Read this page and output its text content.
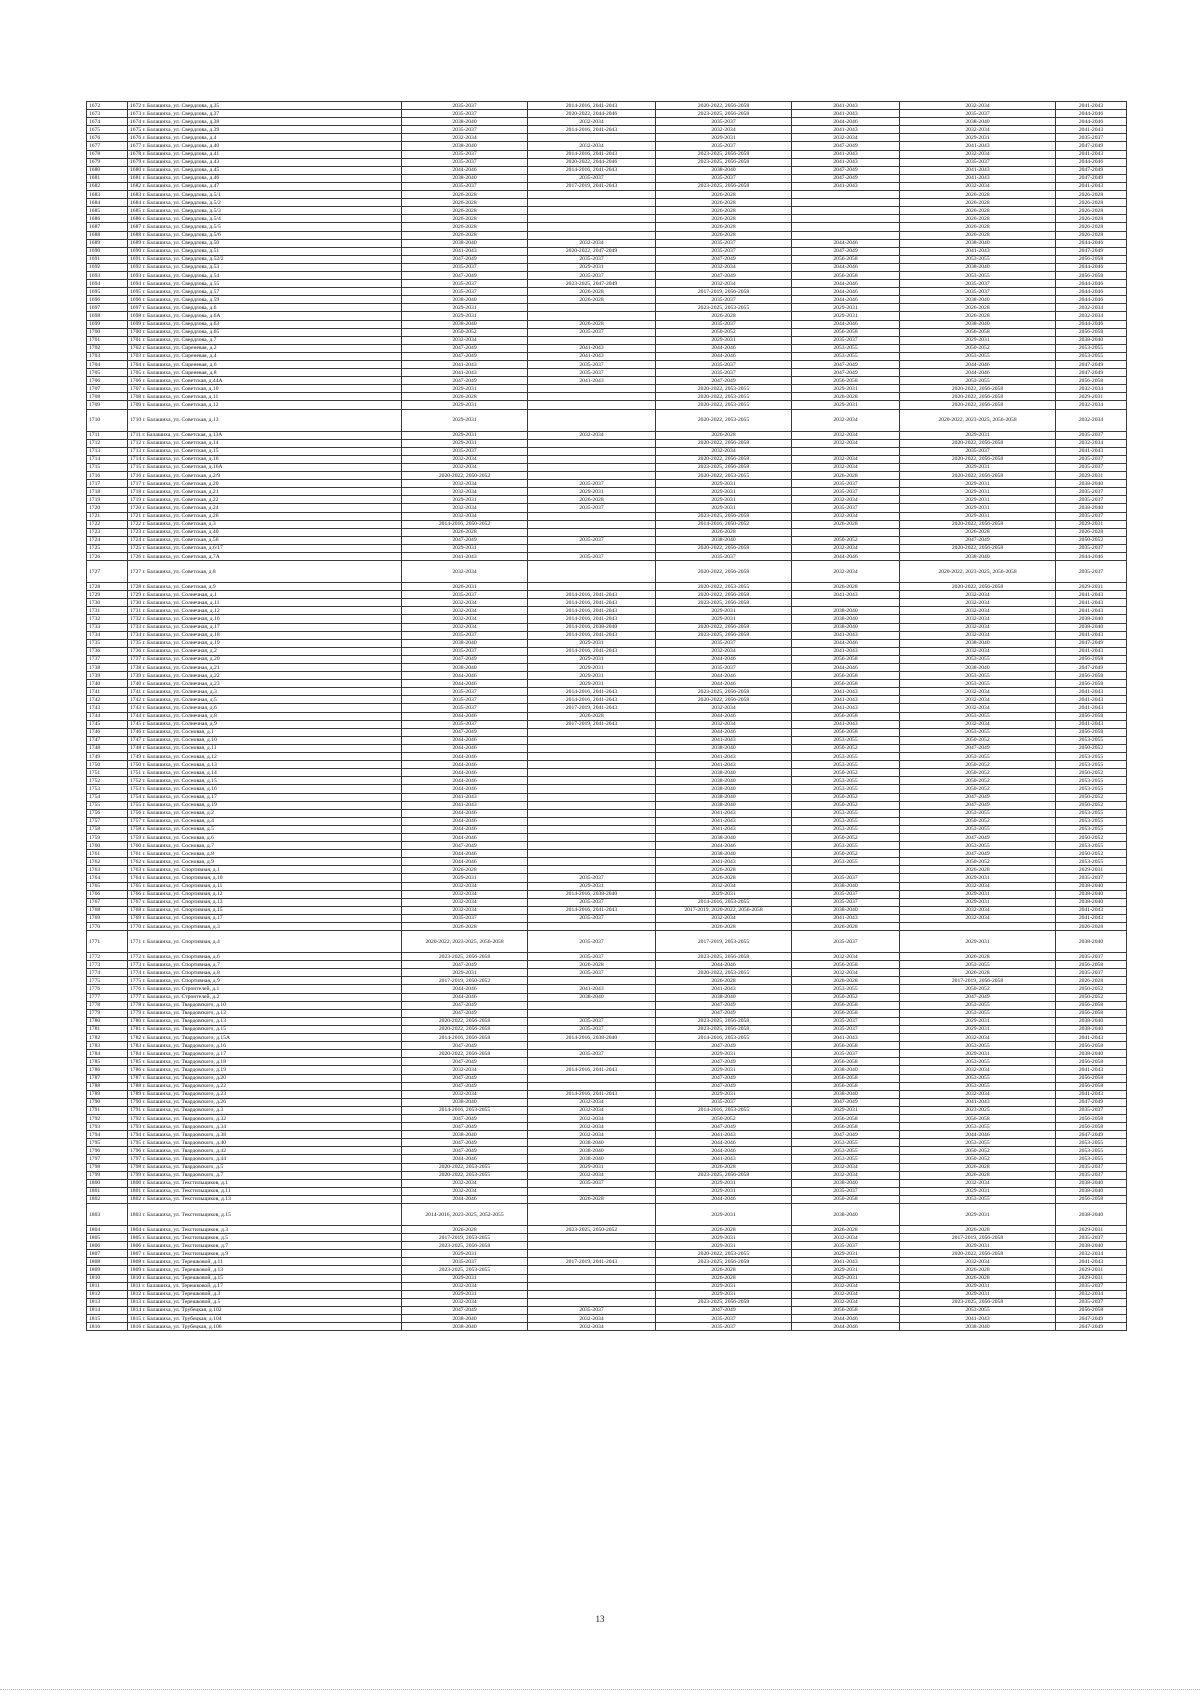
1672	1672 г. Балашиха, ул. Свердлова, д.35	2035-2037	2014-2016, 2041-2043	2020-2022, 2056-2058	2041-2043	2032-2034	2041-2043
1673	1673 г. Балашиха, ул. Свердлова, д.37	2035-2037	2020-2022, 2044-2046	2023-2025, 2056-2058	2041-2043	2035-2037	2044-2046
1674	1674 г. Балашиха, ул. Свердлова, д.38	2038-2040	2032-2034	2035-2037	2044-2046	2038-2040	2044-2046
1675	1675 г. Балашиха, ул. Свердлова, д.39	2035-2037	2014-2016, 2041-2043	2032-2034	2041-2043	2032-2034	2041-2043
1676	1676 г. Балашиха, ул. Свердлова, д.4	2032-2034		2029-2031	2032-2034	2029-2031	2035-2037
1677	1677 г. Балашиха, ул. Свердлова, д.40	2038-2040	2032-2034	2035-2037	2047-2049	2041-2043	2047-2049
1678	1678 г. Балашиха, ул. Свердлова, д.41	2035-2037	2014-2016, 2041-2043	2023-2025, 2056-2058	2041-2043	2032-2034	2041-2043
1679	1679 г. Балашиха, ул. Свердлова, д.43	2035-2037	2020-2022, 2044-2046	2023-2025, 2056-2058	2041-2043	2035-2037	2044-2046
1680	1680 г. Балашиха, ул. Свердлова, д.45	2044-2046	2014-2016, 2041-2043	2038-2040	2047-2049	2041-2043	2047-2049
1681	1681 г. Балашиха, ул. Свердлова, д.46	2038-2040	2035-2037	2035-2037	2047-2049	2041-2043	2047-2049
1682	1682 г. Балашиха, ул. Свердлова, д.47	2035-2037	2017-2019, 2041-2043	2023-2025, 2056-2058	2041-2043	2032-2034	2041-2043
1683	1683 г. Балашиха, ул. Свердлова, д.5/1	2026-2028		2026-2028		2026-2028	2026-2028
1684	1684 г. Балашиха, ул. Свердлова, д.5/2	2026-2028		2026-2028		2026-2028	2026-2028
1685	1685 г. Балашиха, ул. Свердлова, д.5/3	2026-2028		2026-2028		2026-2028	2026-2028
1686	1686 г. Балашиха, ул. Свердлова, д.5/4	2026-2028		2026-2028		2026-2028	2026-2028
1687	1687 г. Балашиха, ул. Свердлова, д.5/5	2026-2028		2026-2028		2026-2028	2026-2028
1688	1688 г. Балашиха, ул. Свердлова, д.5/6	2026-2028		2026-2028		2026-2028	2026-2028
1689	1689 г. Балашиха, ул. Свердлова, д.50	2038-2040	2032-2034	2035-2037	2044-2046	2038-2040	2044-2046
1690	1690 г. Балашиха, ул. Свердлова, д.51	2041-2043	2020-2022, 2047-2049	2035-2037	2047-2049	2041-2043	2047-2049
1691	1691 г. Балашиха, ул. Свердлова, д.52/2	2047-2049	2035-2037	2047-2049	2056-2058	2053-2055	2056-2058
1692	1692 г. Балашиха, ул. Свердлова, д.53	2035-2037	2029-2031	2032-2034	2044-2046	2038-2040	2044-2046
1693	1693 г. Балашиха, ул. Свердлова, д.54	2047-2049	2035-2037	2047-2049	2056-2058	2053-2055	2056-2058
1694	1694 г. Балашиха, ул. Свердлова, д.55	2035-2037	2023-2025, 2047-2049	2032-2034	2044-2046	2035-2037	2044-2046
1695	1695 г. Балашиха, ул. Свердлова, д.57	2035-2037	2026-2028	2017-2019, 2056-2058	2044-2046	2035-2037	2044-2046
1696	1696 г. Балашиха, ул. Свердлова, д.59	2038-2040	2026-2028	2035-2037	2044-2046	2038-2040	2044-2046
1697	1697 г. Балашиха, ул. Свердлова, д.6	2029-2031		2023-2025, 2053-2055	2029-2031	2026-2028	2032-2034
1698	1698 г. Балашиха, ул. Свердлова, д.6А	2029-2031		2026-2028	2029-2031	2026-2028	2032-2034
1699	1699 г. Балашиха, ул. Свердлова, д.63	2038-2040	2026-2028	2035-2037	2044-2046	2038-2040	2044-2046
1700	1700 г. Балашиха, ул. Свердлова, д.65	2050-2052	2035-2037	2050-2052	2056-2058	2056-2058	2056-2058
1701	1701 г. Балашиха, ул. Свердлова, д.7	2032-2034		2029-2031	2035-2037	2029-2031	2038-2040
1702	1702 г. Балашиха, ул. Сиреневая, д.2	2047-2049	2041-2043	2044-2046	2053-2055	2050-2052	2053-2055
1703	1703 г. Балашиха, ул. Сиреневая, д.4	2047-2049	2041-2043	2044-2046	2053-2055	2053-2055	2053-2055
1704	1704 г. Балашиха, ул. Сиреневая, д.6	2041-2043	2035-2037	2035-2037	2047-2049	2044-2046	2047-2049
1705	1705 г. Балашиха, ул. Сиреневая, д.8	2041-2043	2035-2037	2035-2037	2047-2049	2044-2046	2047-2049
1706	1706 г. Балашиха, ул. Советская, д.44А	2047-2049	2041-2043	2047-2049	2056-2058	2053-2055	2056-2058
1707	1707 г. Балашиха, ул. Советская, д.10	2029-2031		2020-2022, 2053-2055	2029-2031	2020-2022, 2056-2058	2032-2034
1708	1708 г. Балашиха, ул. Советская, д.11	2026-2028		2020-2022, 2053-2055	2026-2028	2020-2022, 2056-2058	2029-2031
1709	1709 г. Балашиха, ул. Советская, д.12	2029-2031		2020-2022, 2053-2055	2029-2031	2020-2022, 2056-2058	2032-2034
1710	1710 г. Балашиха, ул. Советская, д.13	2029-2031		2020-2022, 2053-2055	2032-2034	2020-2022, 2023-2025, 2056-2058	2032-2034
1711	1711 г. Балашиха, ул. Советская, д.13А	2029-2031	2032-2034	2026-2028	2032-2034	2029-2031	2035-2037
1712	1712 г. Балашиха, ул. Советская, д.14	2029-2031		2020-2022, 2056-2058	2032-2034	2020-2022, 2056-2058	2032-2034
1713	1713 г. Балашиха, ул. Советская, д.15	2035-2037		2032-2034		2035-2037	2041-2043
1714	1714 г. Балашиха, ул. Советская, д.16	2032-2034		2020-2022, 2056-2058	2032-2034	2020-2022, 2056-2058	2035-2037
1715	1715 г. Балашиха, ул. Советская, д.16А	2032-2034		2023-2025, 2056-2058	2032-2034	2029-2031	2035-2037
1716	1716 г. Балашиха, ул. Советская, д.2/9	2020-2022, 2050-2052		2020-2022, 2053-2055	2026-2028	2020-2022, 2056-2058	2029-2031
1717	1717 г. Балашиха, ул. Советская, д.20	2032-2034	2035-2037	2029-2031	2035-2037	2029-2031	2038-2040
1718	1718 г. Балашиха, ул. Советская, д.21	2032-2034	2029-2031	2029-2031	2035-2037	2029-2031	2035-2037
1719	1719 г. Балашиха, ул. Советская, д.22	2029-2031	2026-2028	2029-2031	2032-2034	2029-2031	2035-2037
1720	1720 г. Балашиха, ул. Советская, д.24	2032-2034	2035-2037	2029-2031	2035-2037	2029-2031	2038-2040
1721	1721 г. Балашиха, ул. Советская, д.26	2032-2034		2023-2025, 2056-2058	2032-2034	2029-2031	2035-2037
1722	1722 г. Балашиха, ул. Советская, д.3	2014-2016, 2050-2052		2014-2016, 2050-2052	2026-2028	2020-2022, 2056-2058	2029-2031
1723	1723 г. Балашиха, ул. Советская, д.40	2026-2028		2026-2028		2026-2028	2026-2028
1724	1724 г. Балашиха, ул. Советская, д.56	2047-2049	2035-2037	2038-2040	2050-2052	2047-2049	2050-2052
1725	1725 г. Балашиха, ул. Советская, д.6/17	2029-2031		2020-2022, 2056-2058	2032-2034	2020-2022, 2056-2058	2035-2037
1726	1726 г. Балашиха, ул. Советская, д.7А	2041-2043	2035-2037	2035-2037	2044-2046	2038-2040	2044-2046
1727	1727 г. Балашиха, ул. Советская, д.8	2032-2034		2020-2022, 2056-2058	2032-2034	2020-2022, 2023-2025, 2056-2058	2035-2037
1728	1728 г. Балашиха, ул. Советская, д.9	2026-2031		2020-2022, 2053-2055	2026-2028	2020-2022, 2056-2058	2029-2031
1729	1729 г. Балашиха, ул. Солнечная, д.1	2035-2037	2014-2016, 2041-2043	2020-2022, 2056-2058	2041-2043	2032-2034	2041-2043
1730	1730 г. Балашиха, ул. Солнечная, д.11	2032-2034	2014-2016, 2041-2043	2023-2025, 2056-2058		2032-2034	2041-2043
1731	1731 г. Балашиха, ул. Солнечная, д.12	2032-2034	2014-2016, 2041-2043	2029-2031	2038-2040	2032-2034	2041-2043
1732	1732 г. Балашиха, ул. Солнечная, д.16	2032-2034	2014-2016, 2041-2043	2029-2031	2038-2040	2032-2034	2038-2040
1733	1733 г. Балашиха, ул. Солнечная, д.17	2032-2034	2014-2016, 2038-2040	2020-2022, 2056-2058	2038-2040	2032-2034	2038-2040
1734	1734 г. Балашиха, ул. Солнечная, д.18	2035-2037	2014-2016, 2041-2043	2023-2025, 2056-2058	2041-2043	2032-2034	2041-2043
1735	1735 г. Балашиха, ул. Солнечная, д.19	2038-2040	2029-2031	2035-2037	2044-2046	2038-2040	2047-2049
1736	1736 г. Балашиха, ул. Солнечная, д.2	2035-2037	2014-2016, 2041-2043	2032-2034	2041-2043	2032-2034	2041-2043
1737	1737 г. Балашиха, ул. Солнечная, д.20	2047-2049	2029-2031	2044-2046	2056-2058	2053-2055	2056-2058
1738	1738 г. Балашиха, ул. Солнечная, д.21	2038-2040	2029-2031	2035-2037	2044-2046	2038-2040	2047-2049
1739	1739 г. Балашиха, ул. Солнечная, д.22	2044-2046	2029-2031	2044-2046	2056-2058	2053-2055	2056-2058
1740	1740 г. Балашиха, ул. Солнечная, д.23	2044-2046	2029-2031	2044-2046	2056-2058	2053-2055	2056-2058
1741	1741 г. Балашиха, ул. Солнечная, д.3	2035-2037	2014-2016, 2041-2043	2023-2025, 2056-2058	2041-2043	2032-2034	2041-2043
1742	1742 г. Балашиха, ул. Солнечная, д.5	2035-2037	2014-2016, 2041-2043	2020-2022, 2056-2058	2041-2043	2032-2034	2041-2043
1743	1743 г. Балашиха, ул. Солнечная, д.6	2035-2037	2017-2019, 2041-2043	2032-2034	2041-2043	2032-2034	2041-2043
1744	1744 г. Балашиха, ул. Солнечная, д.8	2044-2046	2026-2028	2044-2046	2056-2058	2053-2055	2056-2058
1745	1745 г. Балашиха, ул. Солнечная, д.9	2035-2037	2017-2019, 2041-2043	2032-2034	2041-2043	2032-2034	2041-2043
1746	1746 г. Балашиха, ул. Сосновая, д.1	2047-2049		2044-2046	2056-2058	2053-2055	2056-2058
1747	1747 г. Балашиха, ул. Сосновая, д.10	2044-2046		2041-2043	2053-2055	2050-2052	2053-2055
1748	1748 г. Балашиха, ул. Сосновая, д.11	2044-2046		2038-2040	2050-2052	2047-2049	2050-2052
1749	1749 г. Балашиха, ул. Сосновая, д.12	2044-2046		2041-2043	2053-2055	2053-2055	2053-2055
1750	1750 г. Балашиха, ул. Сосновая, д.13	2044-2046		2041-2043	2053-2055	2050-2052	2053-2055
1751	1751 г. Балашиха, ул. Сосновая, д.14	2044-2046		2038-2040	2050-2052	2050-2052	2050-2052
1752	1752 г. Балашиха, ул. Сосновая, д.15	2044-2046		2038-2040	2053-2055	2050-2052	2053-2055
1753	1753 г. Балашиха, ул. Сосновая, д.16	2044-2046		2038-2040	2053-2055	2050-2052	2053-2055
1754	1754 г. Балашиха, ул. Сосновая, д.17	2041-2043		2038-2040	2050-2052	2047-2049	2050-2052
1755	1755 г. Балашиха, ул. Сосновая, д.19	2041-2043		2038-2040	2050-2052	2047-2049	2050-2052
1756	1756 г. Балашиха, ул. Сосновая, д.2	2044-2046		2041-2043	2053-2055	2053-2055	2053-2055
1757	1757 г. Балашиха, ул. Сосновая, д.4	2044-2046		2041-2043	2053-2055	2050-2052	2053-2055
1758	1758 г. Балашиха, ул. Сосновая, д.5	2044-2046		2041-2043	2053-2055	2053-2055	2053-2055
1759	1759 г. Балашиха, ул. Сосновая, д.6	2044-2046		2038-2040	2050-2052	2047-2049	2050-2052
1760	1760 г. Балашиха, ул. Сосновая, д.7	2047-2049		2044-2046	2053-2055	2053-2055	2053-2055
1761	1761 г. Балашиха, ул. Сосновая, д.8	2044-2046		2038-2040	2050-2052	2047-2049	2050-2052
1762	1762 г. Балашиха, ул. Сосновая, д.9	2044-2046		2041-2043	2053-2055	2050-2052	2053-2055
1763	1763 г. Балашиха, ул. Спортивная, д.1	2026-2028		2026-2028		2026-2028	2029-2031
1764	1764 г. Балашиха, ул. Спортивная, д.10	2029-2031	2035-2037	2026-2028	2035-2037	2029-2031	2035-2037
1765	1765 г. Балашиха, ул. Спортивная, д.11	2032-2034	2029-2031	2032-2034	2038-2040	2032-2034	2038-2040
1766	1766 г. Балашиха, ул. Спортивная, д.12	2032-2034	2014-2016, 2038-2040	2029-2031	2035-2037	2029-2031	2038-2040
1767	1767 г. Балашиха, ул. Спортивная, д.13	2032-2034	2035-2037	2014-2016, 2053-2055	2035-2037	2029-2031	2038-2040
1768	1768 г. Балашиха, ул. Спортивная, д.15	2032-2034	2014-2016, 2041-2043	2017-2019, 2020-2022, 2056-2058	2038-2040	2032-2034	2041-2043
1769	1769 г. Балашиха, ул. Спортивная, д.17	2035-2037	2035-2037	2032-2034	2041-2043	2032-2034	2041-2043
1770	1770 г. Балашиха, ул. Спортивная, д.3	2026-2028		2026-2028	2026-2028		2026-2028
1771	1771 г. Балашиха, ул. Спортивная, д.4	2020-2022, 2023-2025, 2056-2058	2035-2037	2017-2019, 2053-2055	2035-2037	2029-2031	2038-2040
1772	1772 г. Балашиха, ул. Спортивная, д.6	2023-2025, 2056-2058	2035-2037	2023-2025, 2056-2058	2032-2034	2026-2028	2035-2037
1773	1773 г. Балашиха, ул. Спортивная, д.7	2047-2049	2026-2028	2044-2046	2056-2058	2053-2055	2056-2058
1774	1774 г. Балашиха, ул. Спортивная, д.8	2029-2031	2035-2037	2020-2022, 2053-2055	2032-2034	2026-2028	2035-2037
1775	1775 г. Балашиха, ул. Спортивная, д.9	2017-2019, 2050-2052		2026-2028	2026-2028	2017-2019, 2056-2058	2026-2028
1776	1776 г. Балашиха, ул. Строителей, д.1	2044-2046	2041-2043	2041-2043	2053-2055	2050-2052	2050-2052
1777	1777 г. Балашиха, ул. Строителей, д.2	2044-2046	2038-2040	2038-2040	2050-2052	2047-2049	2050-2052
1778	1778 г. Балашиха, ул. Твардовского, д.10	2047-2049		2047-2049	2056-2058	2053-2055	2056-2058
1779	1779 г. Балашиха, ул. Твардовского, д.12	2047-2049		2047-2049	2056-2058	2053-2055	2056-2058
1780	1780 г. Балашиха, ул. Твардовского, д.13	2020-2022, 2056-2058	2035-2037	2023-2025, 2056-2058	2035-2037	2029-2031	2038-2040
1781	1781 г. Балашиха, ул. Твардовского, д.15	2020-2022, 2056-2058	2035-2037	2023-2025, 2056-2058	2035-2037	2029-2031	2038-2040
1782	1782 г. Балашиха, ул. Твардовского, д.15А	2014-2016, 2056-2058	2014-2016, 2038-2040	2014-2016, 2053-2055	2041-2043	2032-2034	2041-2043
1783	1783 г. Балашиха, ул. Твардовского, д.16	2047-2049		2047-2049	2056-2058	2053-2055	2056-2058
1784	1784 г. Балашиха, ул. Твардовского, д.17	2020-2022, 2056-2058	2035-2037	2029-2031	2035-2037	2029-2031	2038-2040
1785	1785 г. Балашиха, ул. Твардовского, д.18	2047-2049		2047-2049	2056-2058	2053-2055	2056-2058
1786	1786 г. Балашиха, ул. Твардовского, д.19	2032-2034	2014-2016, 2041-2043	2029-2031	2038-2040	2032-2034	2041-2043
1787	1787 г. Балашиха, ул. Твардовского, д.20	2047-2049		2047-2049	2056-2058	2053-2055	2056-2058
1788	1788 г. Балашиха, ул. Твардовского, д.22	2047-2049		2047-2049	2056-2058	2053-2055	2056-2058
1789	1789 г. Балашиха, ул. Твардовского, д.23	2032-2034	2014-2016, 2041-2043	2029-2031	2038-2040	2032-2034	2041-2043
1790	1790 г. Балашиха, ул. Твардовского, д.26	2038-2040	2032-2034	2035-2037	2047-2049	2041-2043	2047-2049
1791	1791 г. Балашиха, ул. Твардовского, д.3	2014-2016, 2053-2055	2032-2034	2014-2016, 2053-2055	2029-2031	2023-2025	2035-2037
1792	1792 г. Балашиха, ул. Твардовского, д.32	2047-2049	2032-2034	2050-2052	2056-2058	2056-2058	2056-2058
1793	1793 г. Балашиха, ул. Твардовского, д.34	2047-2049	2032-2034	2047-2049	2056-2058	2053-2055	2056-2058
1794	1794 г. Балашиха, ул. Твардовского, д.38	2038-2040	2032-2034	2041-2043	2047-2049	2044-2046	2047-2049
1795	1795 г. Балашиха, ул. Твардовского, д.40	2047-2049	2038-2040	2044-2046	2053-2055	2053-2055	2053-2055
1796	1796 г. Балашиха, ул. Твардовского, д.42	2047-2049	2038-2040	2044-2046	2053-2055	2050-2052	2053-2055
1797	1797 г. Балашиха, ул. Твардовского, д.44	2044-2046	2038-2040	2041-2043	2053-2055	2050-2052	2053-2055
1798	1798 г. Балашиха, ул. Твардовского, д.5	2020-2022, 2053-2055	2029-2031	2026-2028	2032-2034	2026-2028	2035-2037
1799	1799 г. Балашиха, ул. Твардовского, д.7	2020-2022, 2053-2055	2032-2034	2023-2025, 2056-2058	2032-2034	2026-2028	2035-2037
1800	1800 г. Балашиха, ул. Текстильщиков, д.1	2032-2034	2035-2037	2029-2031	2038-2040	2032-2034	2038-2040
1801	1801 г. Балашиха, ул. Текстильщиков, д.11	2032-2034		2029-2031	2035-2037	2029-2031	2038-2040
1802	1802 г. Балашиха, ул. Текстильщиков, д.13	2044-2046	2026-2028	2044-2046	2050-2058	2053-2055	2056-2058
1803	1803 г. Балашиха, ул. Текстильщиков, д.15	2014-2016, 2023-2025, 2052-2055		2029-2031	2038-2040	2029-2031	2038-2040
1804	1804 г. Балашиха, ул. Текстильщиков, д.3	2026-2028	2023-2025, 2050-2052	2026-2028	2026-2028	2026-2028	2029-2031
1805	1805 г. Балашиха, ул. Текстильщиков, д.5	2017-2019, 2053-2055		2029-2031	2032-2034	2017-2019, 2056-2058	2035-2037
1806	1806 г. Балашиха, ул. Текстильщиков, д.7	2023-2025, 2056-2058		2029-2031	2035-2037	2029-2031	2038-2040
1807	1807 г. Балашиха, ул. Текстильщиков, д.9	2029-2031		2020-2022, 2053-2055	2029-2031	2020-2022, 2056-2058	2032-2034
1808	1808 г. Балашиха, ул. Терешковой, д.11	2035-2037	2017-2019, 2041-2043	2023-2025, 2056-2058	2041-2043	2032-2034	2041-2043
1809	1809 г. Балашиха, ул. Терешковой, д.13	2023-2025, 2053-2055		2026-2028	2029-2031	2026-2028	2029-2031
1810	1810 г. Балашиха, ул. Терешковой, д.15	2029-2031		2026-2028	2029-2031	2026-2028	2029-2031
1811	1811 г. Балашиха, ул. Терешковой, д.17	2032-2034		2029-2031	2032-2034	2029-2031	2035-2037
1812	1812 г. Балашиха, ул. Терешковой, д.3	2029-2031		2029-2031	2032-2034	2029-2031	2032-2034
1813	1813 г. Балашиха, ул. Терешковой, д.5	2032-2034		2023-2025, 2056-2058	2032-2034	2023-2025, 2056-2058	2035-2037
1814	1814 г. Балашиха, ул. Трубецкая, д.102	2047-2049	2035-2037	2047-2049	2056-2058	2053-2055	2056-2058
1815	1815 г. Балашиха, ул. Трубецкая, д.104	2038-2040	2032-2034	2035-2037	2044-2046	2041-2043	2047-2049
1816	1816 г. Балашиха, ул. Трубецкая, д.106	2038-2040	2032-2034	2035-2037	2044-2046	2038-2040	2047-2049
13
